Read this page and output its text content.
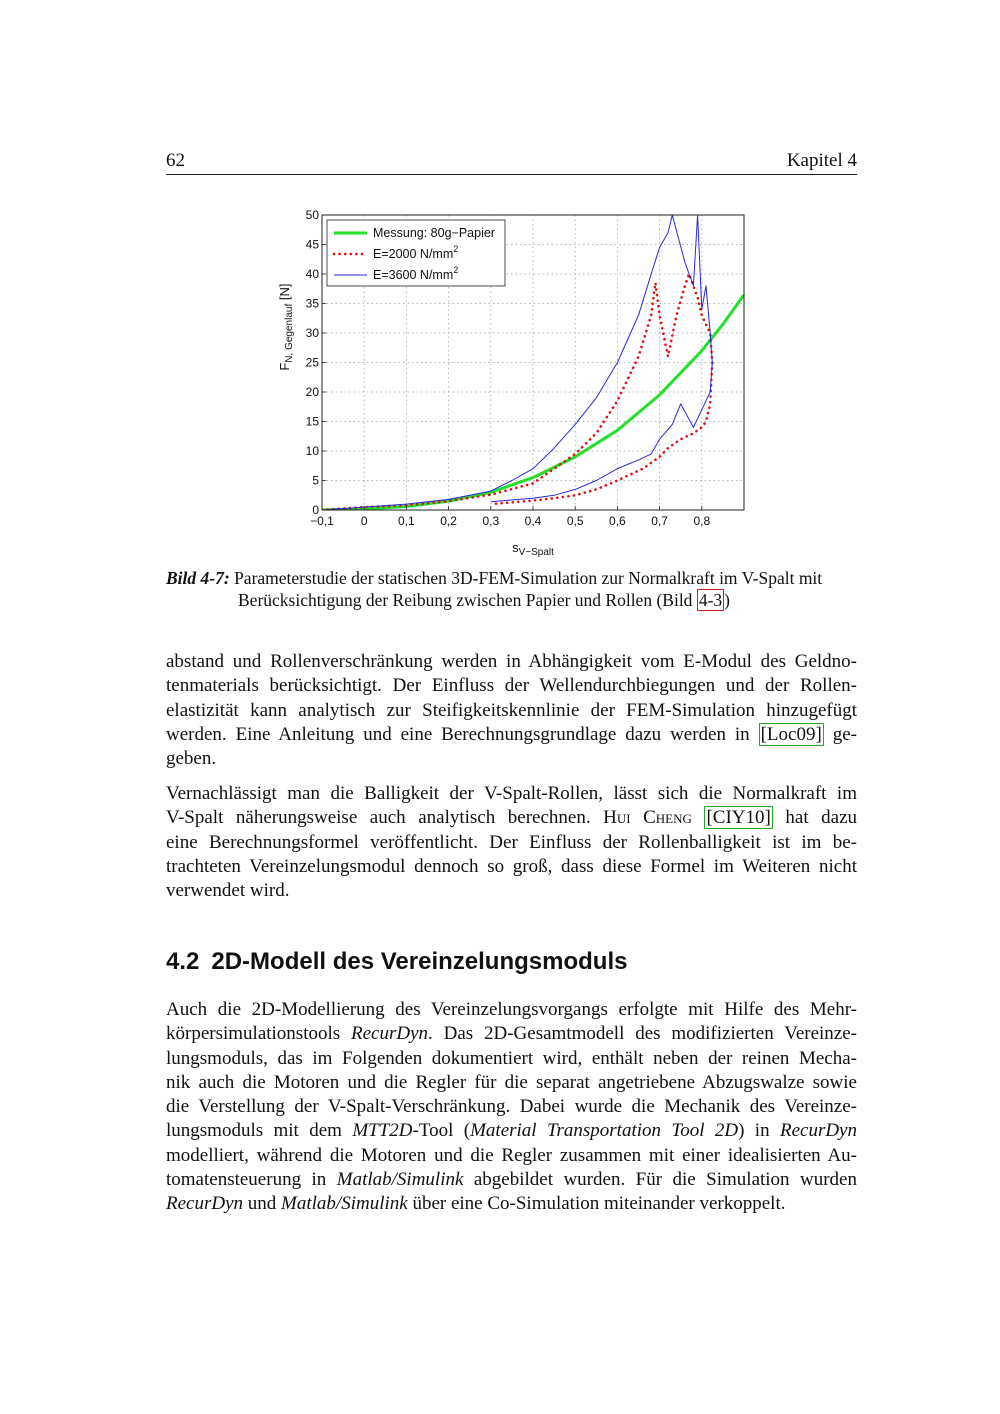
62	Kapitel 4
−0,1 0	0,1 0,2 0,3 0,4 0,5 0,6 0,7 0,8
0
5
10
15
20
25
30
35
40
45
50
$s_{V-Spalt}$
$F_{N, Gegenlauf}$ [N]
Messung: 80g−Papier
E=2000 $N/mm^2$
E=3600 $N/mm^2$
Bild 4-7: Parameterstudie der statischen 3D-FEM-Simulation zur Normalkraft im V-Spalt mit
Berücksichtigung der Reibung zwischen Papier und Rollen (Bild 4-3 )
abstand und Rollenverschränkung werden in Abhängigkeit vom E-Modul des Geldno-
tenmaterials berücksichtigt. Der Einfluss der Wellendurchbiegungen und der Rollen-
elastizität kann analytisch zur Steifigkeitskennlinie der FEM-Simulation hinzugefügt
werden. Eine Anleitung und eine Berechnungsgrundlage dazu werden in [Loc09] ge-
geben.
Vernachlässigt man die Balligkeit der V-Spalt-Rollen, lässt sich die Normalkraft im
V-Spalt näherungsweise auch analytisch berechnen. Hui Cheng [CIY10] hat dazu
eine Berechnungsformel veröffentlicht. Der Einfluss der Rollenballigkeit ist im be-
trachteten Vereinzelungsmodul dennoch so groß, dass diese Formel im Weiteren nicht
verwendet wird.
4.2 2D-Modell des Vereinzelungsmoduls
Auch die 2D-Modellierung des Vereinzelungsvorgangs erfolgte mit Hilfe des Mehr-
körpersimulationstools RecurDyn. Das 2D-Gesamtmodell des modifizierten Vereinze-
lungsmoduls, das im Folgenden dokumentiert wird, enthält neben der reinen Mecha-
nik auch die Motoren und die Regler für die separat angetriebene Abzugswalze sowie
die Verstellung der V-Spalt-Verschränkung. Dabei wurde die Mechanik des Vereinze-
lungsmoduls mit dem MTT2D-Tool (Material Transportation Tool 2D) in RecurDyn
modelliert, während die Motoren und die Regler zusammen mit einer idealisierten Au-
tomatensteuerung in Matlab/Simulink abgebildet wurden. Für die Simulation wurden
RecurDyn und Matlab/Simulink über eine Co-Simulation miteinander verkoppelt.
